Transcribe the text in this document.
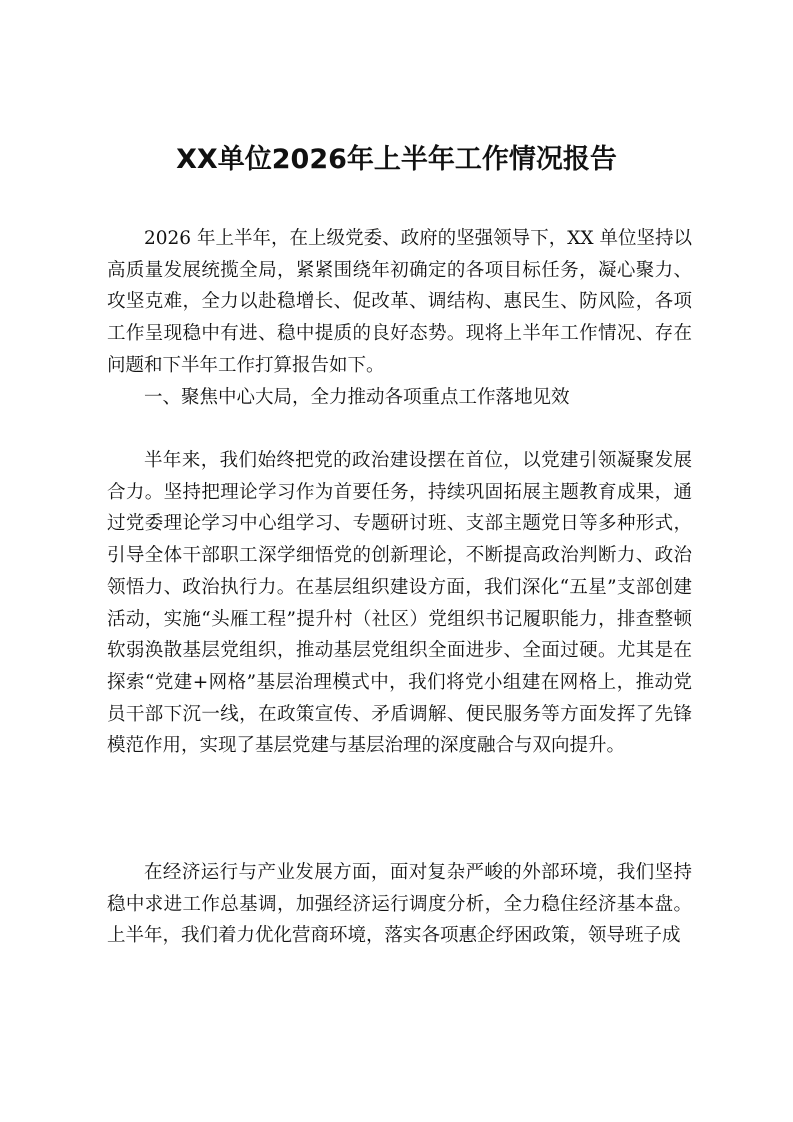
XX单位2026年上半年工作情况报告

2026 年上半年，在上级党委、政府的坚强领导下，XX 单位坚持以高质量发展统揽全局，紧紧围绕年初确定的各项目标任务，凝心聚力、攻坚克难，全力以赴稳增长、促改革、调结构、惠民生、防风险，各项工作呈现稳中有进、稳中提质的良好态势。现将上半年工作情况、存在问题和下半年工作打算报告如下。

一、聚焦中心大局，全力推动各项重点工作落地见效

半年来，我们始终把党的政治建设摆在首位，以党建引领凝聚发展合力。坚持把理论学习作为首要任务，持续巩固拓展主题教育成果，通过党委理论学习中心组学习、专题研讨班、支部主题党日等多种形式，引导全体干部职工深学细悟党的创新理论，不断提高政治判断力、政治领悟力、政治执行力。在基层组织建设方面，我们深化“五星”支部创建活动，实施“头雁工程”提升村（社区）党组织书记履职能力，排查整顿软弱涣散基层党组织，推动基层党组织全面进步、全面过硬。尤其是在探索“党建+网格”基层治理模式中，我们将党小组建在网格上，推动党员干部下沉一线，在政策宣传、矛盾调解、便民服务等方面发挥了先锋模范作用，实现了基层党建与基层治理的深度融合与双向提升。

在经济运行与产业发展方面，面对复杂严峻的外部环境，我们坚持稳中求进工作总基调，加强经济运行调度分析，全力稳住经济基本盘。上半年，我们着力优化营商环境，落实各项惠企纾困政策，领导班子成
